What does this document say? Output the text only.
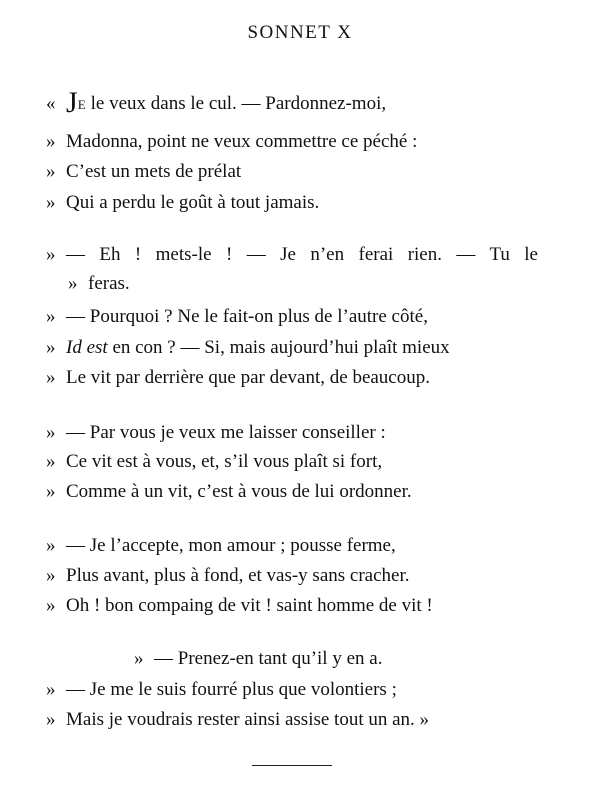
SONNET X
« JE le veux dans le cul. — Pardonnez-moi,
» Madonna, point ne veux commettre ce péché :
» C’est un mets de prélat
» Qui a perdu le goût à tout jamais.
» — Eh ! mets-le ! — Je n’en ferai rien. — Tu le
» feras.
» — Pourquoi ? Ne le fait-on plus de l’autre côté,
» Id est en con ? — Si, mais aujourd’hui plaît mieux
» Le vit par derrière que par devant, de beaucoup.
» — Par vous je veux me laisser conseiller :
» Ce vit est à vous, et, s’il vous plaît si fort,
» Comme à un vit, c’est à vous de lui ordonner.
» — Je l’accepte, mon amour ; pousse ferme,
» Plus avant, plus à fond, et vas-y sans cracher.
» Oh ! bon compaing de vit ! saint homme de vit !
» — Prenez-en tant qu’il y en a.
» — Je me le suis fourré plus que volontiers ;
» Mais je voudrais rester ainsi assise tout un an. »
